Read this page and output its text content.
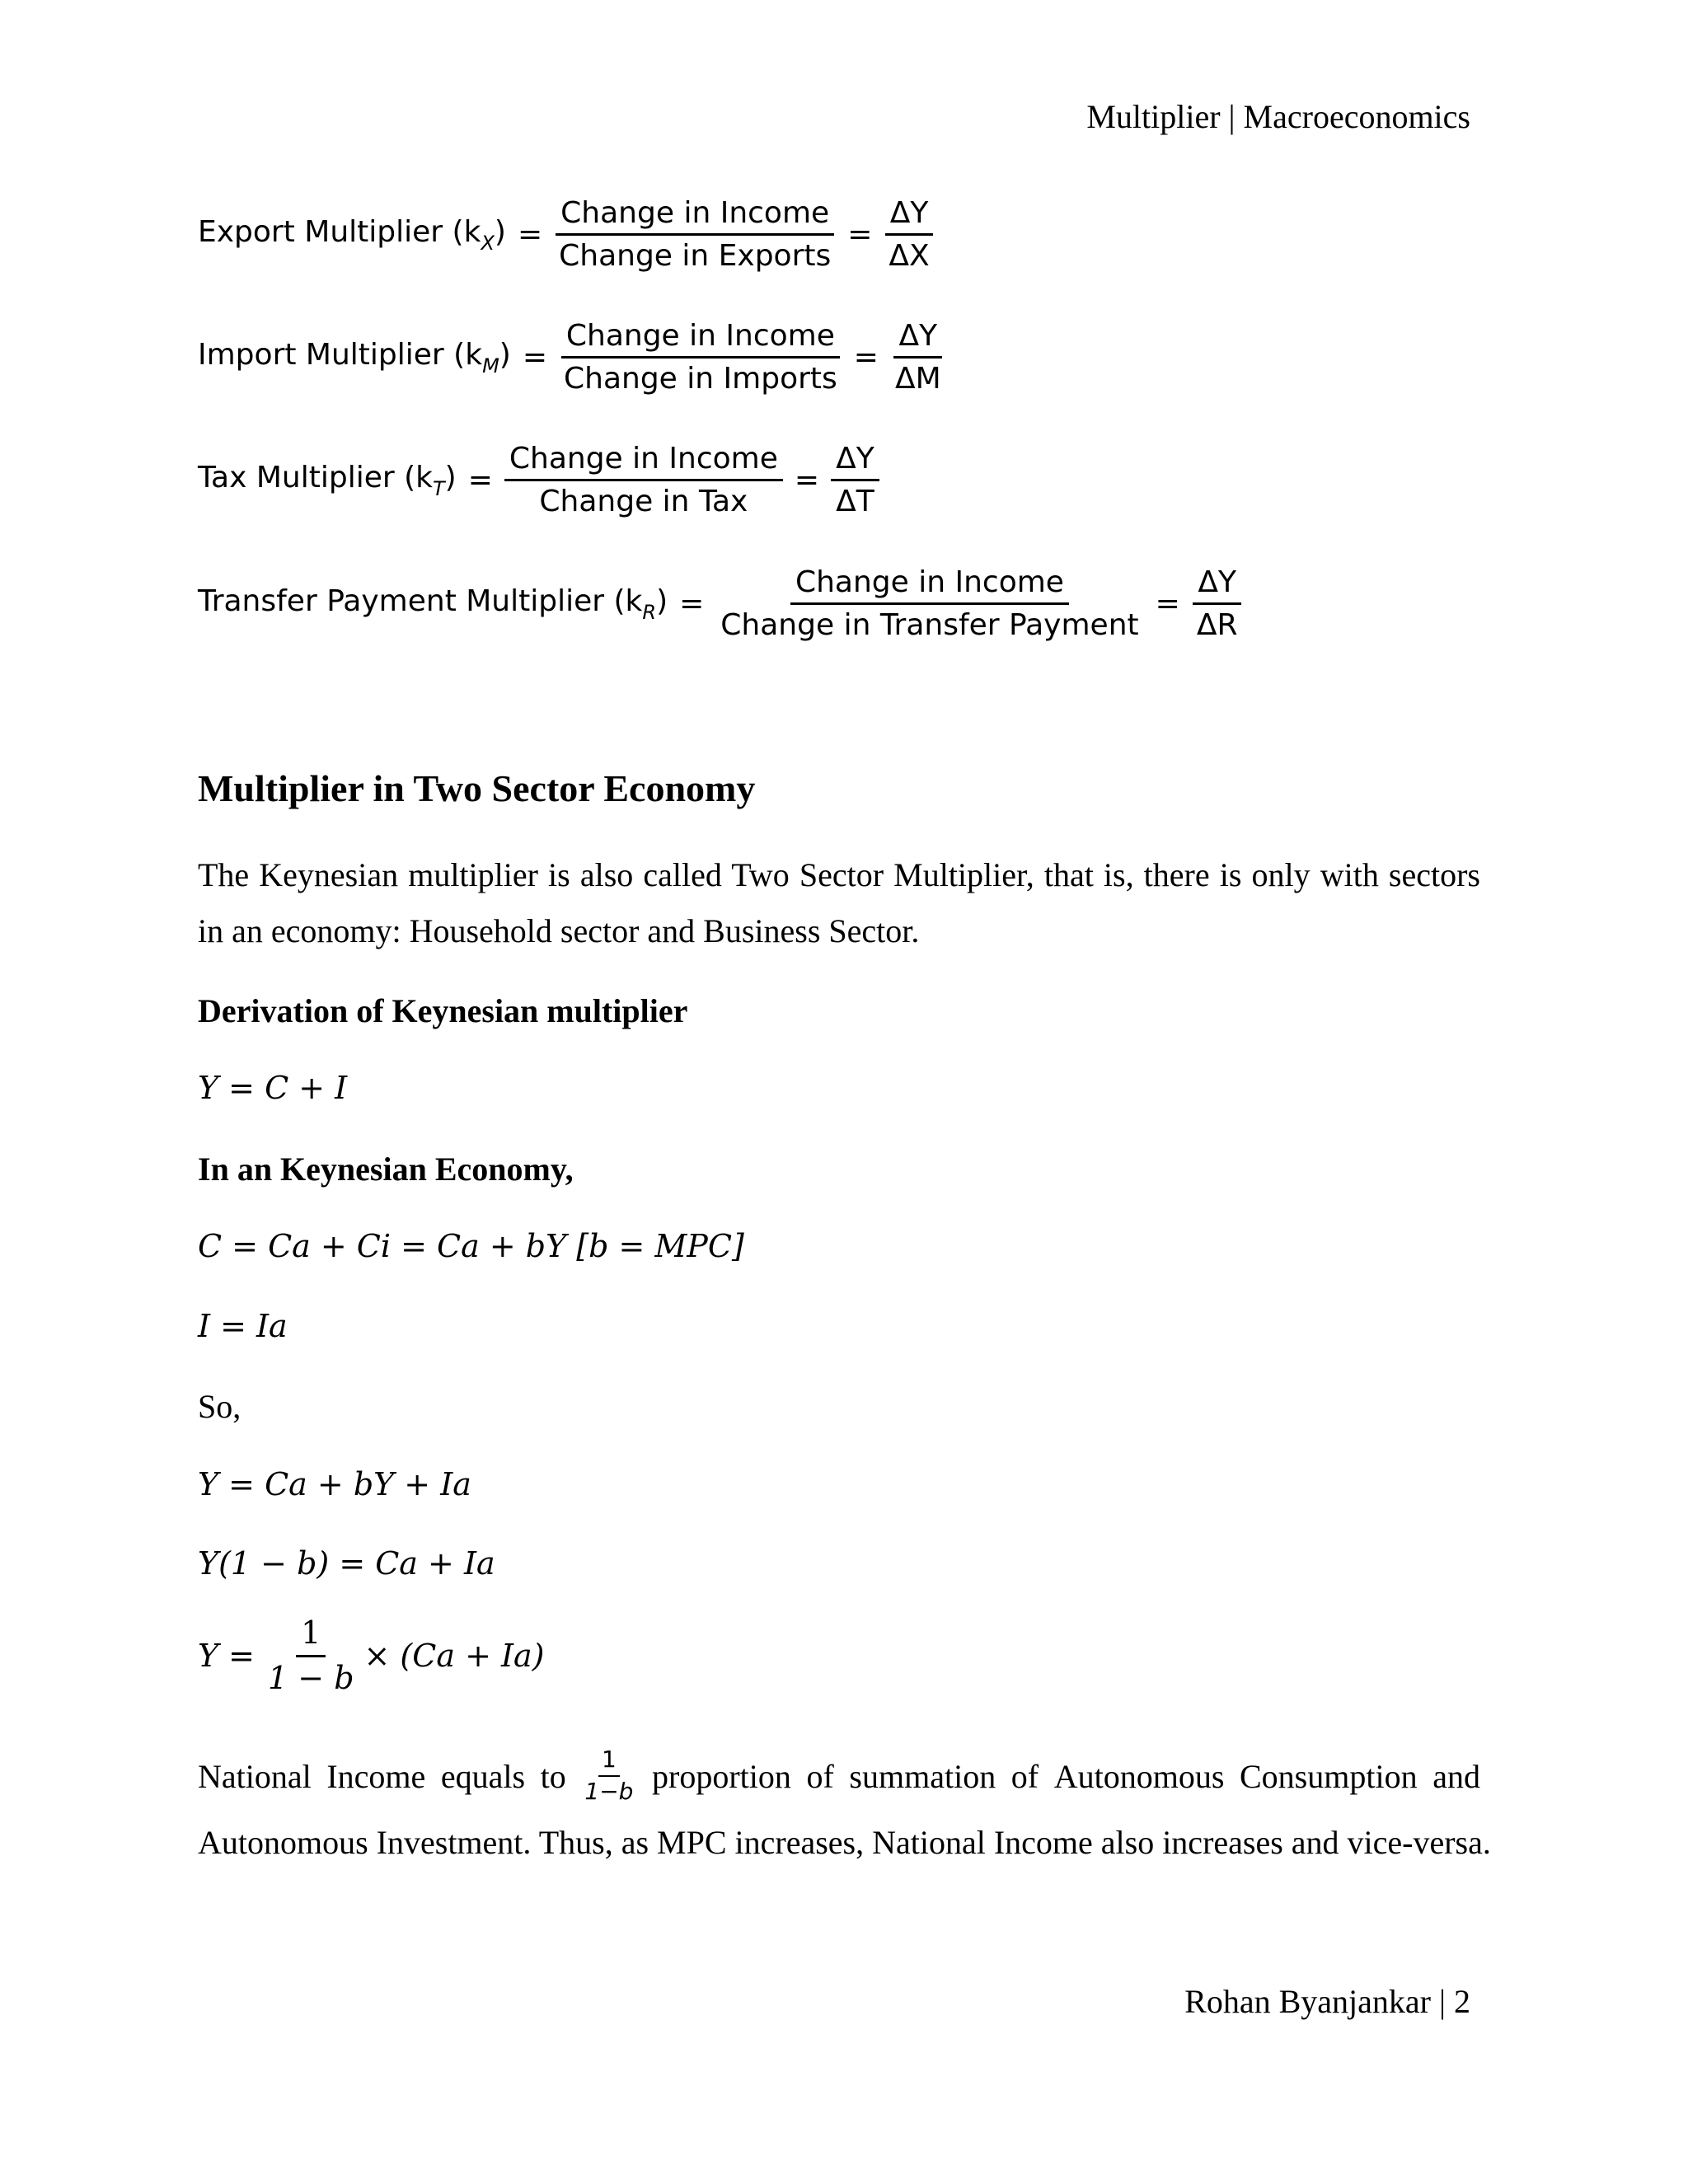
Multiplier | Macroeconomics
Export Multiplier $(k_X) = \frac{\text{Change in Income}}{\text{Change in Exports}} = \frac{\Delta Y}{\Delta X}$
Import Multiplier $(k_M) = \frac{\text{Change in Income}}{\text{Change in Imports}} = \frac{\Delta Y}{\Delta M}$
Tax Multiplier $(k_T) = \frac{\text{Change in Income}}{\text{Change in Tax}} = \frac{\Delta Y}{\Delta T}$
Transfer Payment Multiplier $(k_R) = \frac{\text{Change in Income}}{\text{Change in Transfer Payment}} = \frac{\Delta Y}{\Delta R}$
Multiplier in Two Sector Economy
The Keynesian multiplier is also called Two Sector Multiplier, that is, there is only with sectors in an economy: Household sector and Business Sector.
Derivation of Keynesian multiplier
Y = C + I
In an Keynesian Economy,
C = Ca + Ci = Ca + bY [b = MPC]
I = Ia
So,
Y = Ca + bY + Ia
Y(1 − b) = Ca + Ia
$Y = \frac{1}{1 - b} \times (Ca + Ia)$
National Income equals to $\frac{1}{1-b}$ proportion of summation of Autonomous Consumption and
Autonomous Investment. Thus, as MPC increases, National Income also increases and vice-versa.
Rohan Byanjankar | 2
